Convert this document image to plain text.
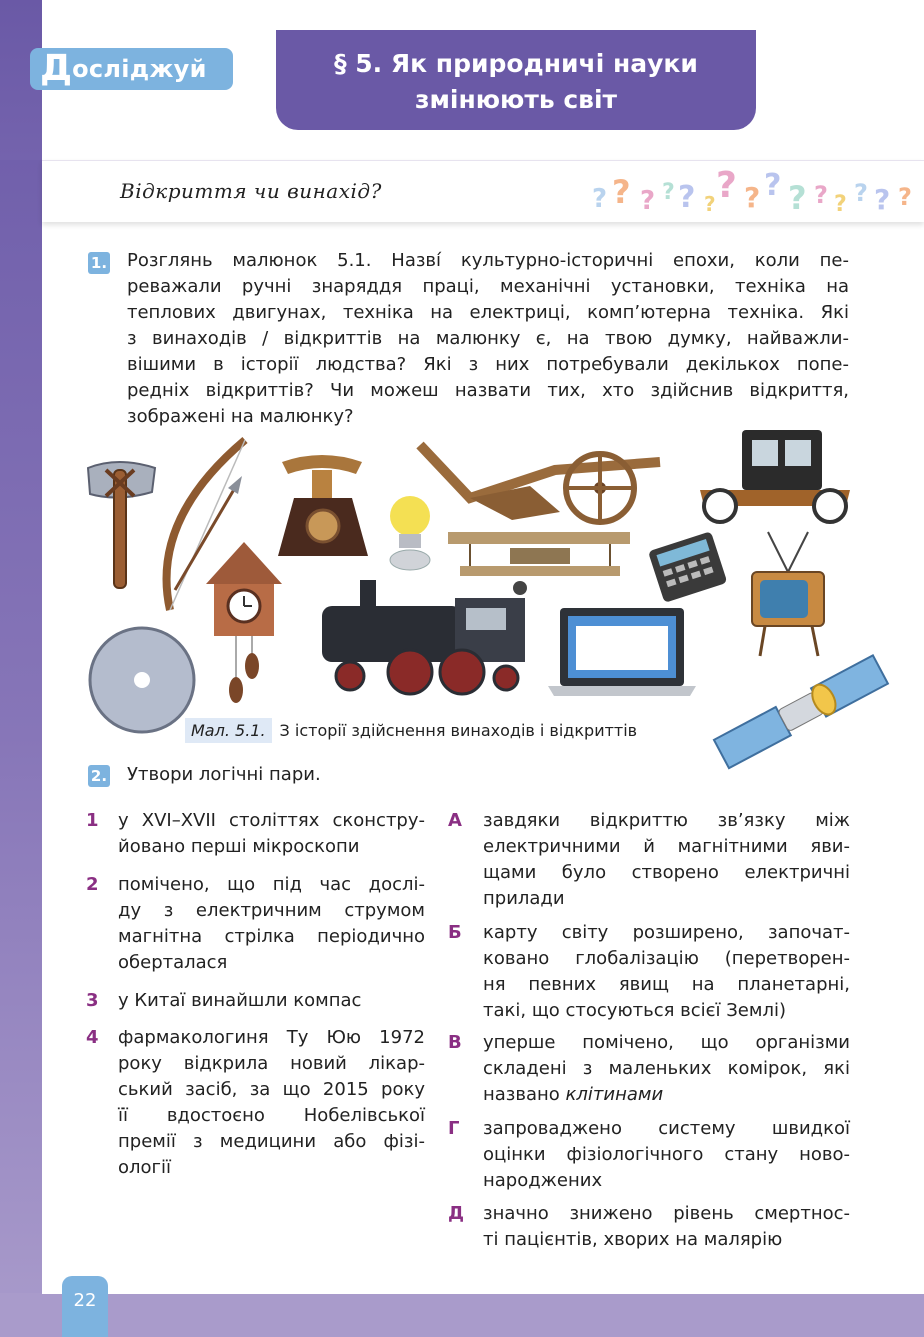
Д осліджуй	§ 5. Як природничі науки
змінюють світ
Відкриття чи винахід?	? ? ? ? ? ? ? ? ? ? ? ? ? ? ?
1. Розглянь малюнок 5.1. Назві́ культурно-історичні епохи, коли пе-
реважали ручні знаряддя праці, механічні установки, техніка на
теплових двигунах, техніка на електриці, комп’ютерна техніка. Які
з винаходів / відкриттів на малюнку є, на твою думку, найважли-
вішими в історії людства? Які з них потребували декількох попе-
редніх відкриттів? Чи можеш назвати тих, хто здійснив відкриття,
зображені на малюнку?
Мал. 5.1. З історії здійснення винаходів і відкриттів
2. Утвори логічні пари.
1 у XVI–XVII століттях сконстру-
йовано перші мікроскопи
2 помічено, що під час дослі-
ду з електричним струмом
магнітна стрілка періодично
оберталася
3 у Китаї винайшли компас
4 фармакологиня Ту Юю 1972
року відкрила новий лікар-
ський засіб, за що 2015 року
її вдостоєно Нобелівської
премії з медицини або фізі-
ології
А завдяки відкриттю зв’язку між
електричними й магнітними яви-
щами було створено електричні
прилади
Б карту світу розширено, започат-
ковано глобалізацію (перетворен-
ня певних явищ на планетарні,
такі, що стосуються всієї Землі)
В уперше помічено, що організми
складені з маленьких комірок, які
названо клітинами
Г запроваджено систему швидкої
оцінки фізіологічного стану ново-
народжених
Д значно знижено рівень смертнос-
ті пацієнтів, хворих на малярію
22
